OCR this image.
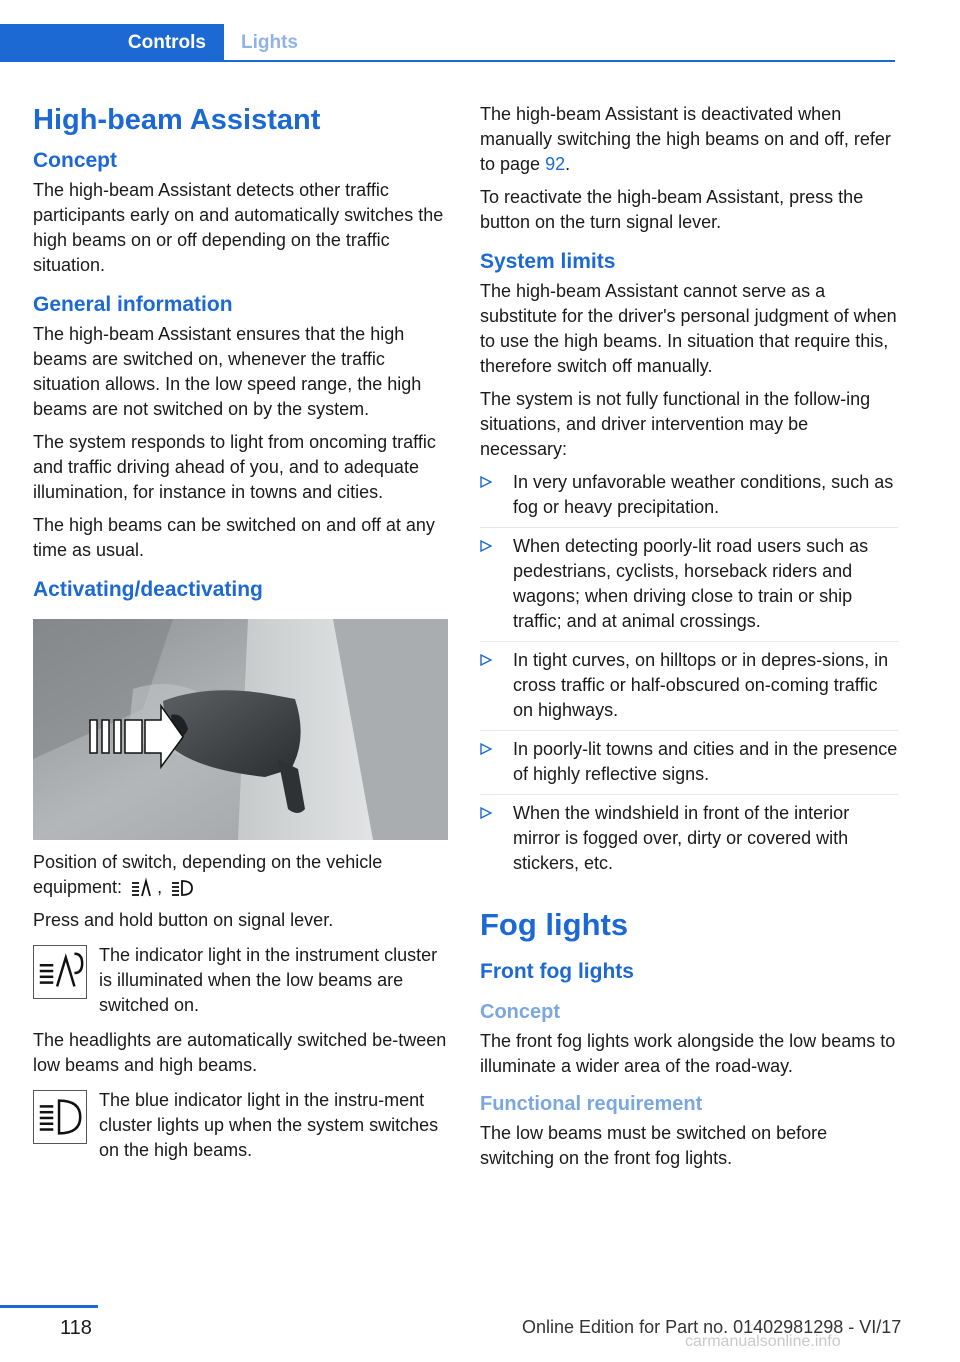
Controls Lights
High-beam Assistant
Concept

The high-beam Assistant detects other traffic participants early on and automatically switches the high beams on or off depending on the traffic situation.

General information

The high-beam Assistant ensures that the high beams are switched on, whenever the traffic situation allows. In the low speed range, the high beams are not switched on by the system.

The system responds to light from oncoming traffic and traffic driving ahead of you, and to adequate illumination, for instance in towns and cities.

The high beams can be switched on and off at any time as usual.

Activating/deactivating

Position of switch, depending on the vehicle equipment: ,

Press and hold button on signal lever.

The indicator light in the instrument cluster is illuminated when the low beams are switched on.

The headlights are automatically switched be‐tween low beams and high beams.

The blue indicator light in the instru‐ment cluster lights up when the system switches on the high beams.

The high-beam Assistant is deactivated when manually switching the high beams on and off, refer to page 92.

To reactivate the high-beam Assistant, press the button on the turn signal lever.

System limits

The high-beam Assistant cannot serve as a substitute for the driver's personal judgment of when to use the high beams. In situation that require this, therefore switch off manually.

The system is not fully functional in the follow‐ing situations, and driver intervention may be necessary:

In very unfavorable weather conditions, such as fog or heavy precipitation.
When detecting poorly-lit road users such as pedestrians, cyclists, horseback riders and wagons; when driving close to train or ship traffic; and at animal crossings.
In tight curves, on hilltops or in depres‐sions, in cross traffic or half-obscured on‐coming traffic on highways.
In poorly-lit towns and cities and in the presence of highly reflective signs.
When the windshield in front of the interior mirror is fogged over, dirty or covered with stickers, etc.
Fog lights
Front fog lights
Concept

The front fog lights work alongside the low beams to illuminate a wider area of the road‐way.

Functional requirement

The low beams must be switched on before switching on the front fog lights.

118	Online Edition for Part no. 01402981298 - VI/17
carmanualsonline.info
